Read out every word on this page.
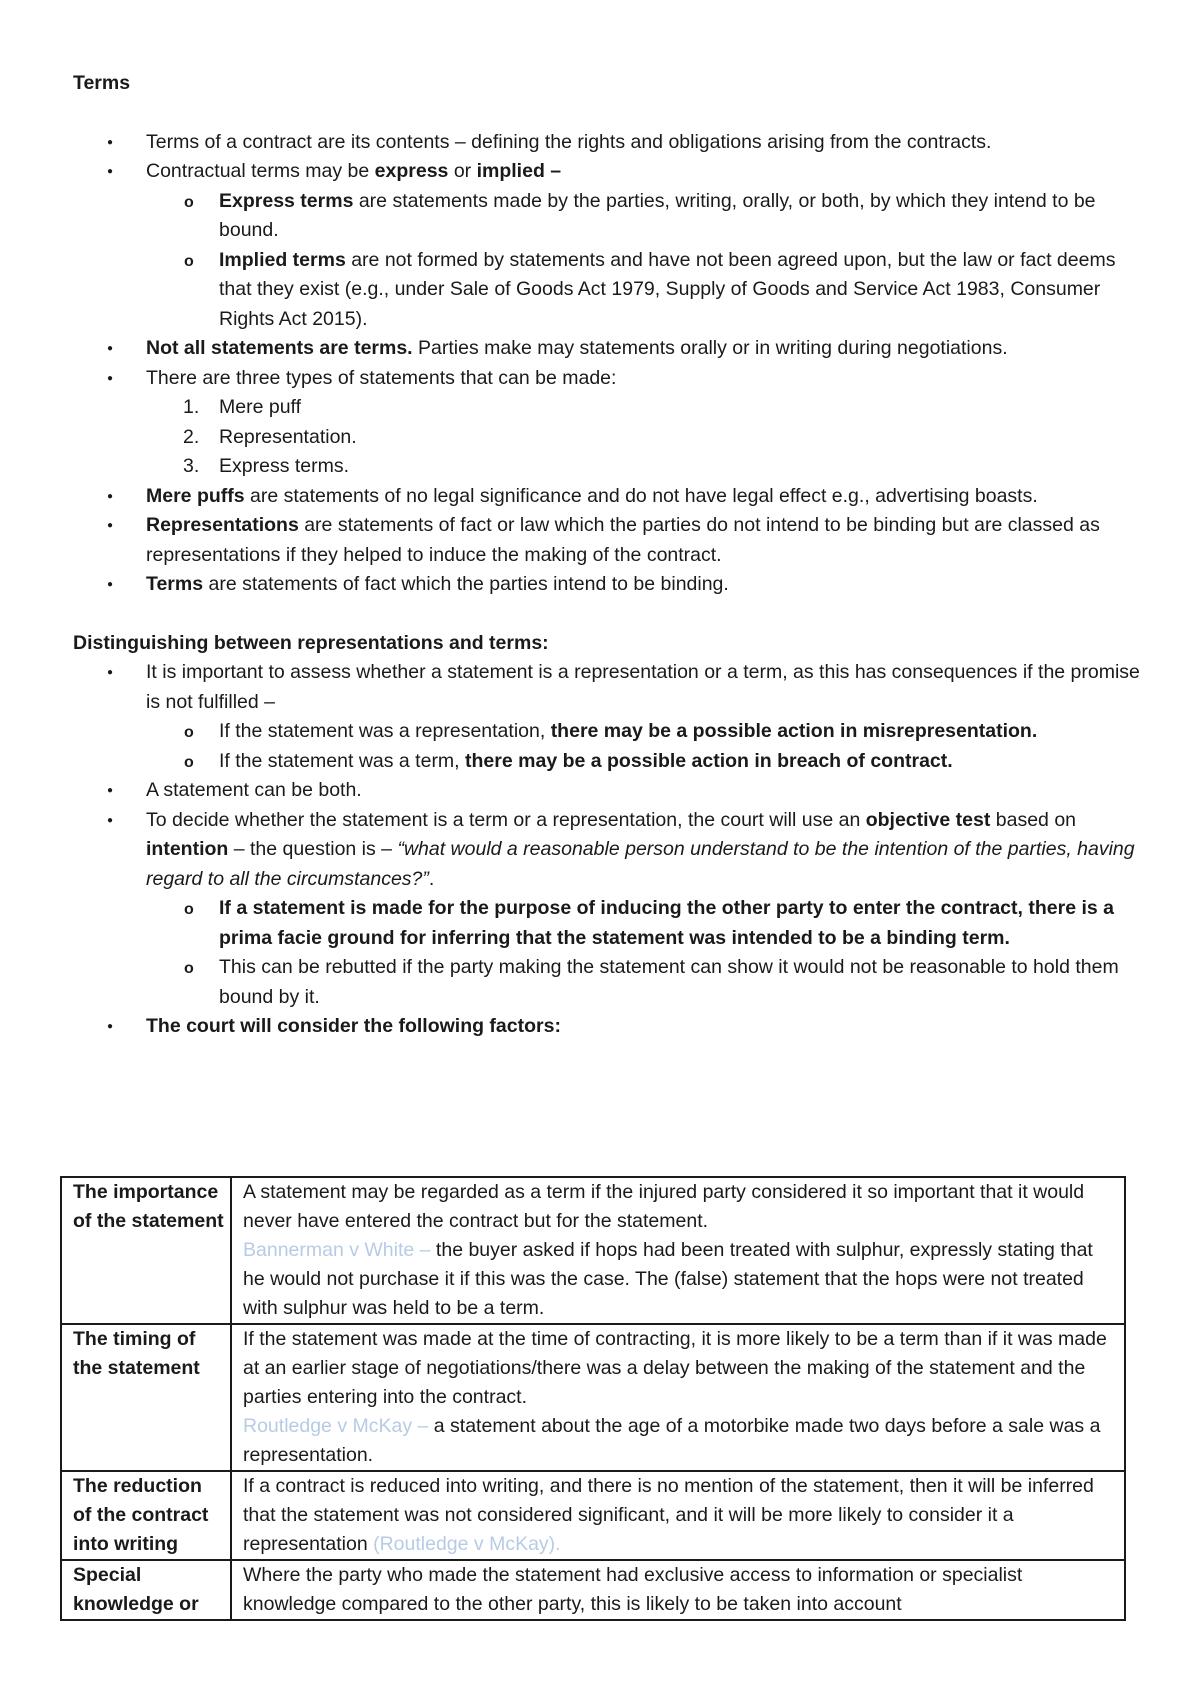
Terms

● Terms of a contract are its contents – defining the rights and obligations arising from the contracts.
● Contractual terms may be express or implied –
o Express terms are statements made by the parties, writing, orally, or both, by which they intend to be bound.
o Implied terms are not formed by statements and have not been agreed upon, but the law or fact deems that they exist (e.g., under Sale of Goods Act 1979, Supply of Goods and Service Act 1983, Consumer Rights Act 2015).
● Not all statements are terms. Parties make may statements orally or in writing during negotiations.
● There are three types of statements that can be made:
1. Mere puff
2. Representation.
3. Express terms.
● Mere puffs are statements of no legal significance and do not have legal effect e.g., advertising boasts.
● Representations are statements of fact or law which the parties do not intend to be binding but are classed as representations if they helped to induce the making of the contract.
● Terms are statements of fact which the parties intend to be binding.

Distinguishing between representations and terms:

● It is important to assess whether a statement is a representation or a term, as this has consequences if the promise is not fulfilled –
o If the statement was a representation, there may be a possible action in misrepresentation.
o If the statement was a term, there may be a possible action in breach of contract.
● A statement can be both.
● To decide whether the statement is a term or a representation, the court will use an objective test based on intention – the question is – “what would a reasonable person understand to be the intention of the parties, having regard to all the circumstances?”.
o If a statement is made for the purpose of inducing the other party to enter the contract, there is a prima facie ground for inferring that the statement was intended to be a binding term.
o This can be rebutted if the party making the statement can show it would not be reasonable to hold them bound by it.
● The court will consider the following factors:
The importance of the statement	A statement may be regarded as a term if the injured party considered it so important that it would never have entered the contract but for the statement.
Bannerman v White – the buyer asked if hops had been treated with sulphur, expressly stating that he would not purchase it if this was the case. The (false) statement that the hops were not treated with sulphur was held to be a term.
The timing of the statement	If the statement was made at the time of contracting, it is more likely to be a term than if it was made at an earlier stage of negotiations/there was a delay between the making of the statement and the parties entering into the contract.
Routledge v McKay – a statement about the age of a motorbike made two days before a sale was a representation.
The reduction of the contract into writing	If a contract is reduced into writing, and there is no mention of the statement, then it will be inferred that the statement was not considered significant, and it will be more likely to consider it a representation (Routledge v McKay).
Special knowledge or	Where the party who made the statement had exclusive access to information or specialist knowledge compared to the other party, this is likely to be taken into account
